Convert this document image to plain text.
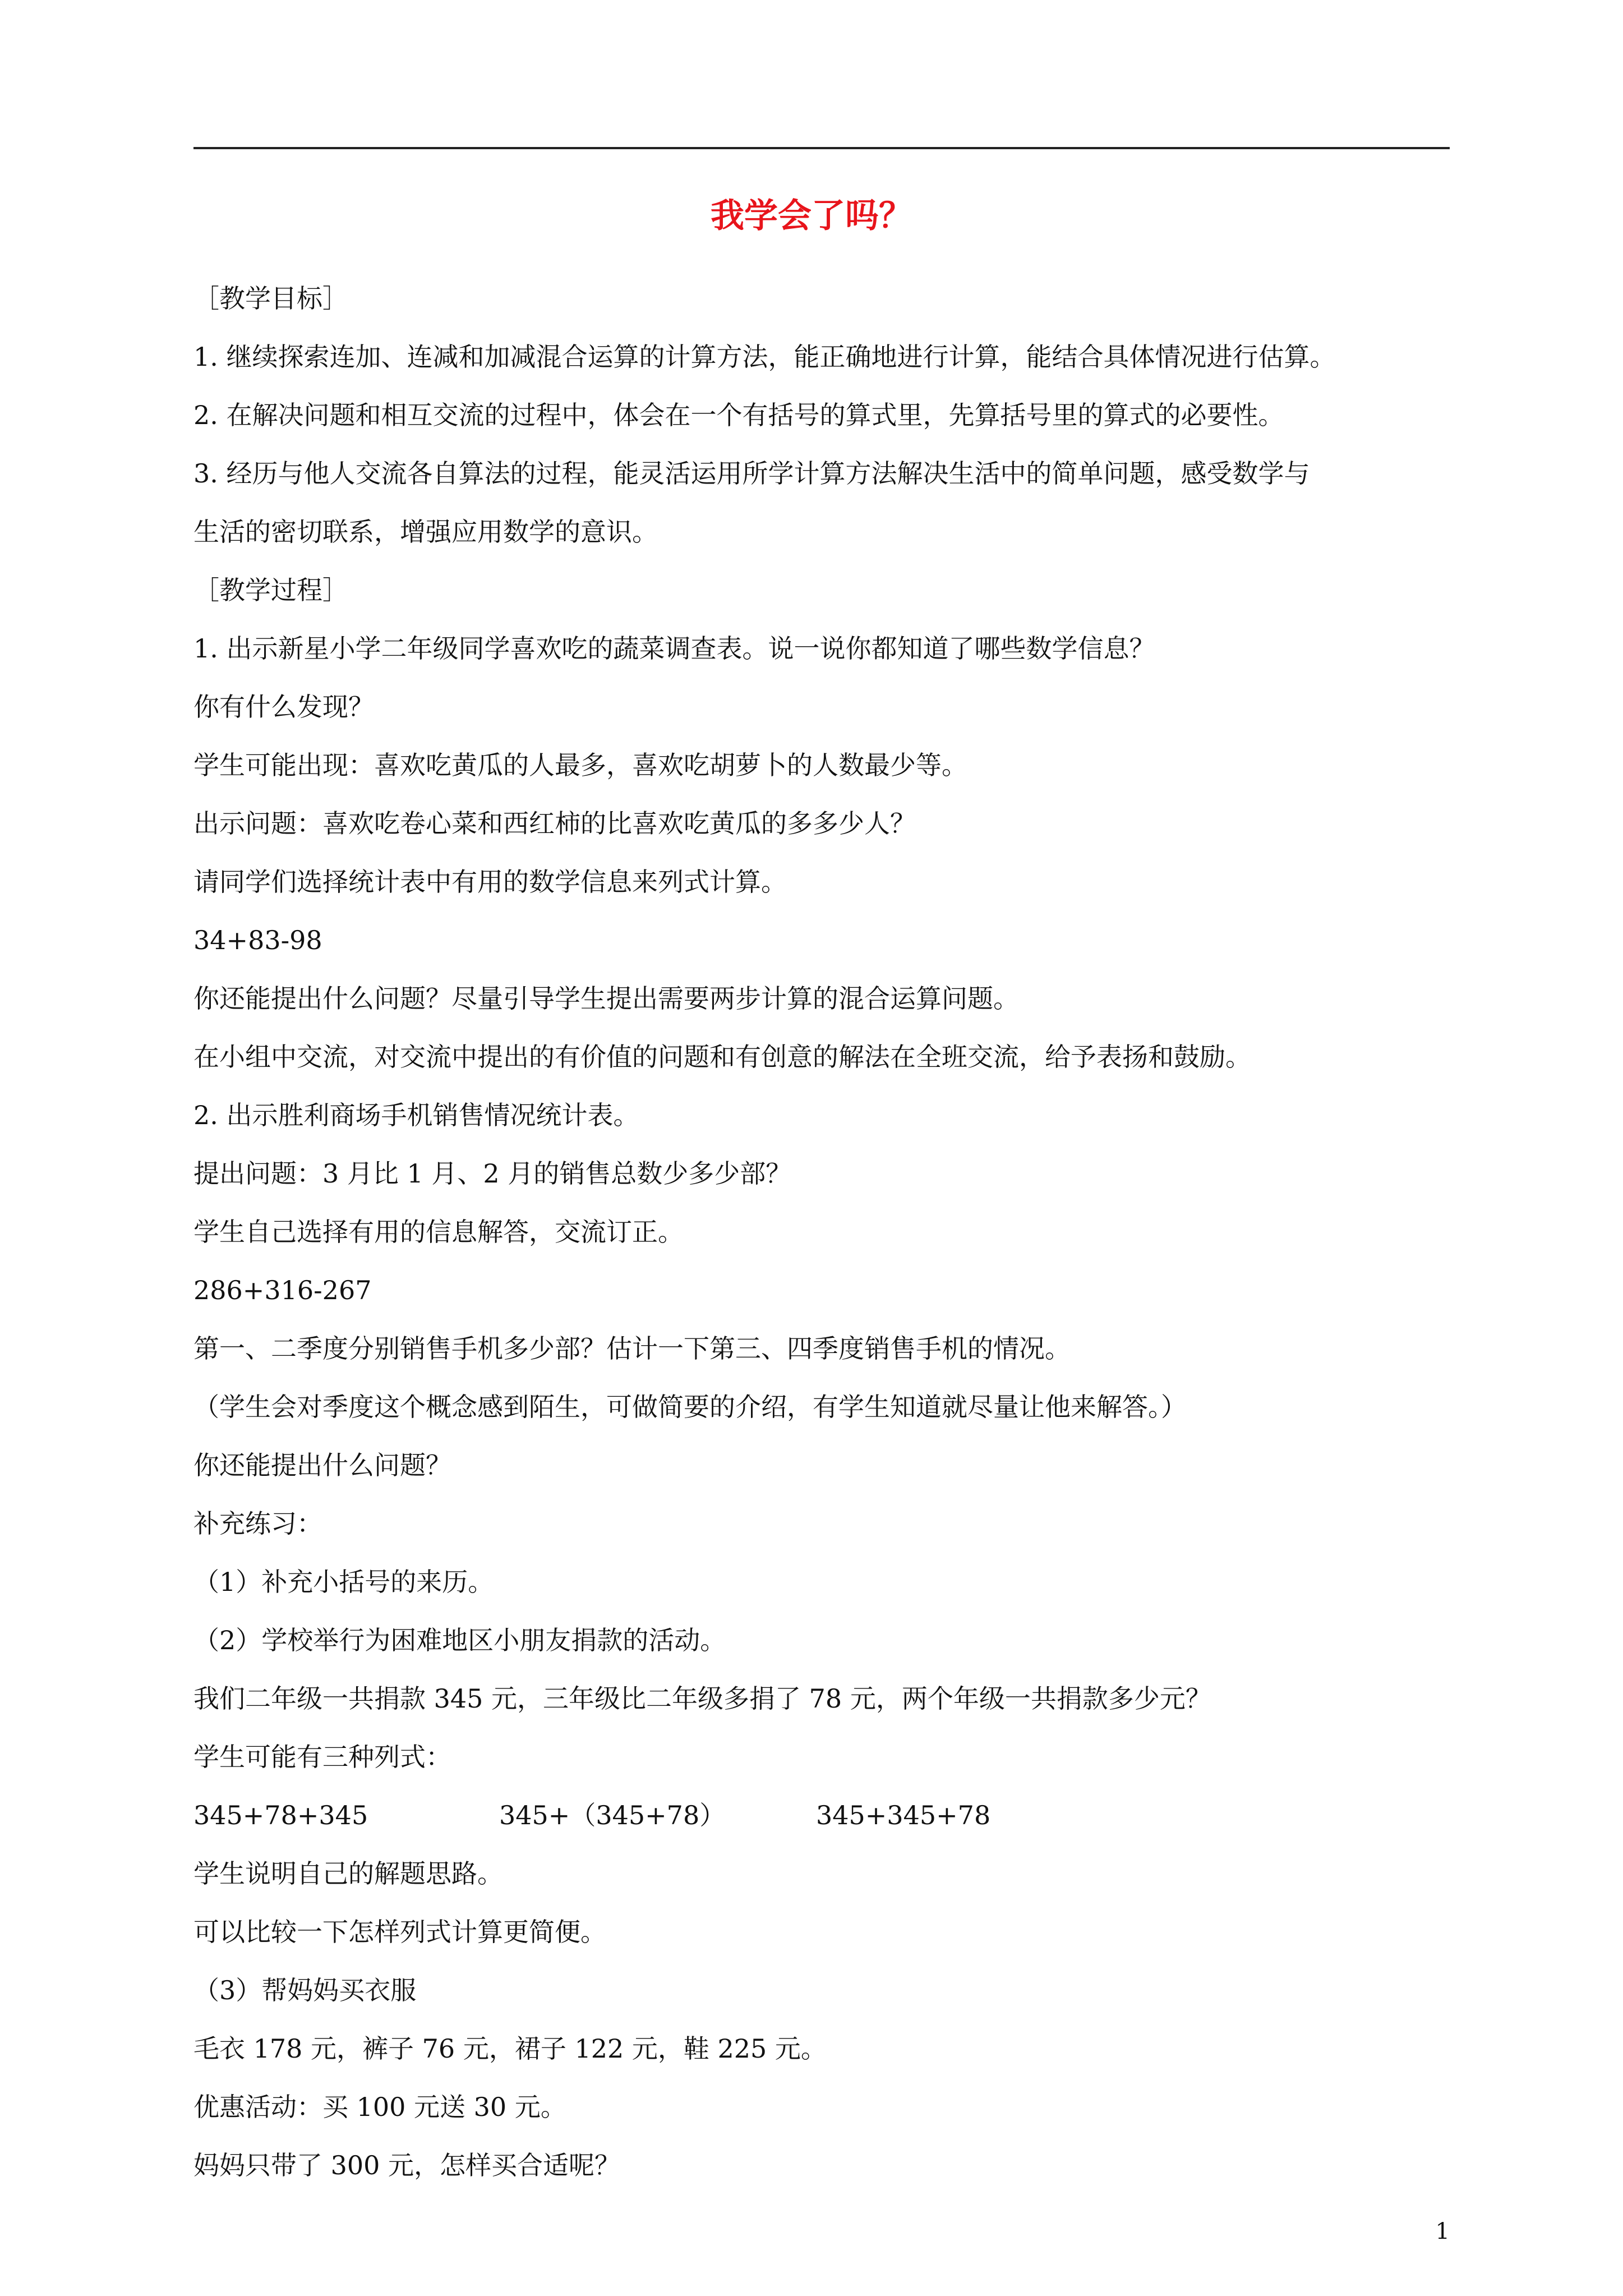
我学会了吗？

［教学目标］

1. 继续探索连加、连减和加减混合运算的计算方法，能正确地进行计算，能结合具体情况进行估算。

2. 在解决问题和相互交流的过程中，体会在一个有括号的算式里，先算括号里的算式的必要性。

3. 经历与他人交流各自算法的过程，能灵活运用所学计算方法解决生活中的简单问题，感受数学与

生活的密切联系，增强应用数学的意识。

［教学过程］

1. 出示新星小学二年级同学喜欢吃的蔬菜调查表。说一说你都知道了哪些数学信息？

你有什么发现？

学生可能出现：喜欢吃黄瓜的人最多，喜欢吃胡萝卜的人数最少等。

出示问题：喜欢吃卷心菜和西红柿的比喜欢吃黄瓜的多多少人？

请同学们选择统计表中有用的数学信息来列式计算。

34+83-98

你还能提出什么问题？尽量引导学生提出需要两步计算的混合运算问题。

在小组中交流，对交流中提出的有价值的问题和有创意的解法在全班交流，给予表扬和鼓励。

2. 出示胜利商场手机销售情况统计表。

提出问题：3 月比 1 月、2 月的销售总数少多少部？

学生自己选择有用的信息解答，交流订正。

286+316-267

第一、二季度分别销售手机多少部？估计一下第三、四季度销售手机的情况。

（学生会对季度这个概念感到陌生，可做简要的介绍，有学生知道就尽量让他来解答。）

你还能提出什么问题？

补充练习：

（1）补充小括号的来历。

（2）学校举行为困难地区小朋友捐款的活动。

我们二年级一共捐款 345 元，三年级比二年级多捐了 78 元，两个年级一共捐款多少元？

学生可能有三种列式：

345+78+345	345+（345+78）	345+345+78

学生说明自己的解题思路。

可以比较一下怎样列式计算更简便。

（3）帮妈妈买衣服

毛衣 178 元，裤子 76 元，裙子 122 元，鞋 225 元。

优惠活动：买 100 元送 30 元。

妈妈只带了 300 元，怎样买合适呢？

1
